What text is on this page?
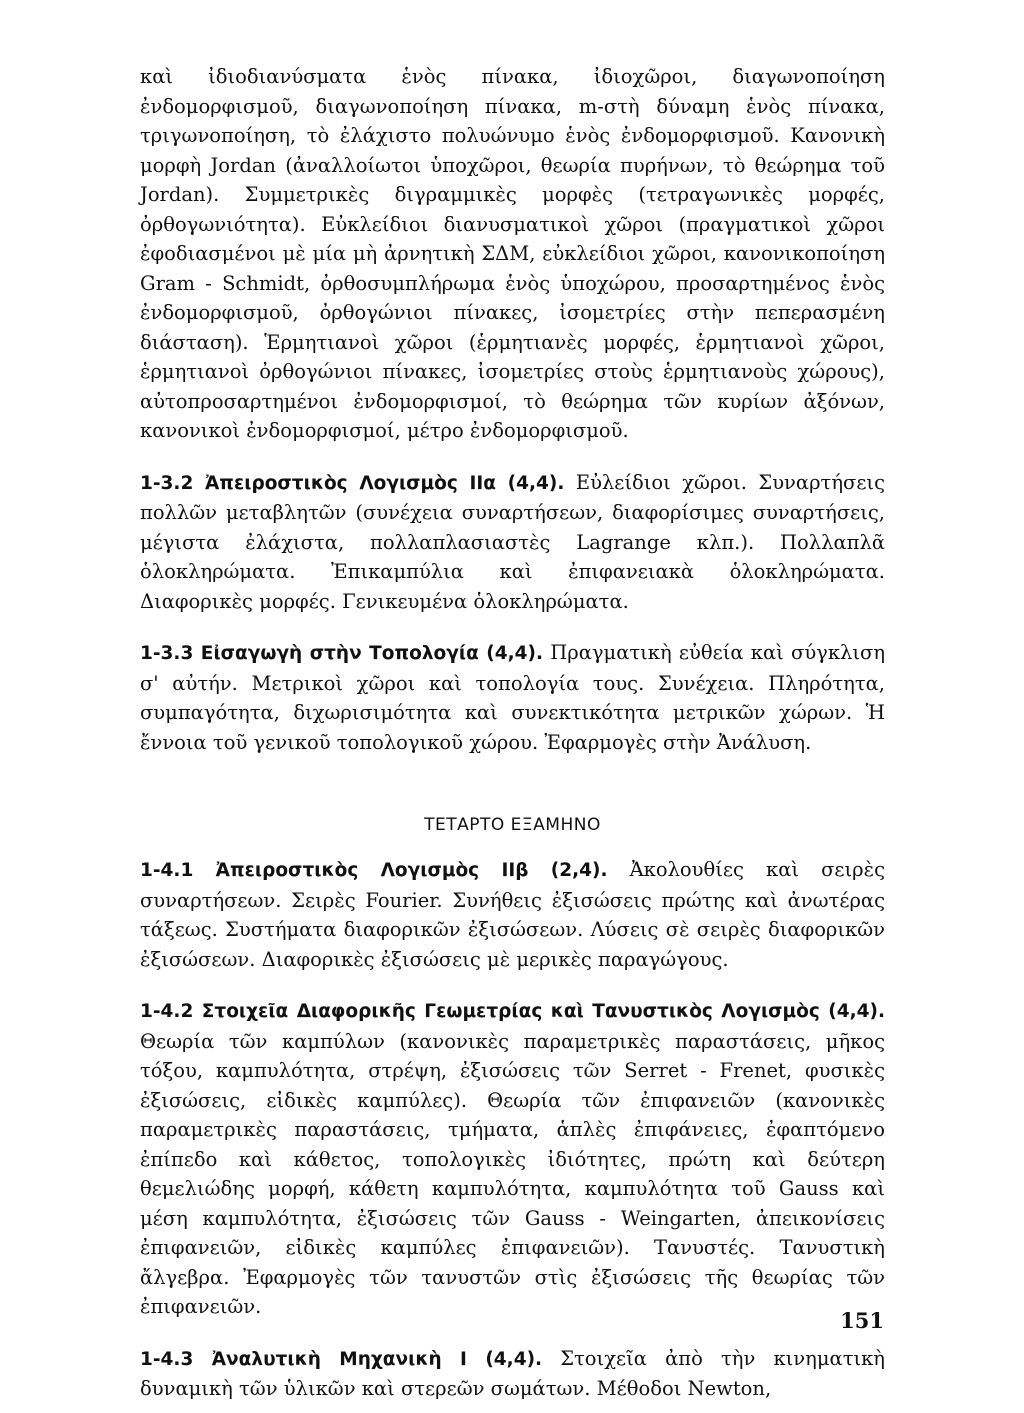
καὶ ἰδιοδιανύσματα ἑνὸς πίνακα, ἰδιοχῶροι, διαγωνοποίηση ἐνδομορφισμοῦ, διαγωνοποίηση πίνακα, m-στὴ δύναμη ἑνὸς πίνακα, τριγωνοποίηση, τὸ ἐλάχιστο πολυώνυμο ἑνὸς ἐνδομορφισμοῦ. Κανονικὴ μορφὴ Jordan (ἀναλλοίωτοι ὑποχῶροι, θεωρία πυρήνων, τὸ θεώρημα τοῦ Jordan). Συμμετρικὲς διγραμμικὲς μορφὲς (τετραγωνικὲς μορφές, ὀρθογωνιότητα). Εὐκλείδιοι διανυσματικοὶ χῶροι (πραγματικοὶ χῶροι ἐφοδιασμένοι μὲ μία μὴ ἀρνητικὴ ΣΔΜ, εὐκλείδιοι χῶροι, κανονικοποίηση Gram - Schmidt, ὀρθοσυμπλήρωμα ἑνὸς ὑποχώρου, προσαρτημένος ἑνὸς ἐνδομορφισμοῦ, ὀρθογώνιοι πίνακες, ἰσομετρίες στὴν πεπερασμένη διάσταση). Ἑρμητιανοὶ χῶροι (ἑρμητιανὲς μορφές, ἑρμητιανοὶ χῶροι, ἑρμητιανοὶ ὀρθογώνιοι πίνακες, ἰσομετρίες στοὺς ἑρμητιανοὺς χώρους), αὐτοπροσαρτημένοι ἐνδομορφισμοί, τὸ θεώρημα τῶν κυρίων ἀξόνων, κανονικοὶ ἐνδομορφισμοί, μέτρο ἐνδομορφισμοῦ.

1-3.2 Ἀπειροστικὸς Λογισμὸς ΙΙα (4,4). Εὐλείδιοι χῶροι. Συναρτήσεις πολλῶν μεταβλητῶν (συνέχεια συναρτήσεων, διαφορίσιμες συναρτήσεις, μέγιστα ἐλάχιστα, πολλαπλασιαστὲς Lagrange κλπ.). Πολλαπλᾶ ὁλοκληρώματα. Ἐπικαμπύλια καὶ ἐπιφανειακὰ ὁλοκληρώματα. Διαφορικὲς μορφές. Γενικευμένα ὁλοκληρώματα.

1-3.3 Εἰσαγωγὴ στὴν Τοπολογία (4,4). Πραγματικὴ εὐθεία καὶ σύγκλιση σ' αὐτήν. Μετρικοὶ χῶροι καὶ τοπολογία τους. Συνέχεια. Πληρότητα, συμπαγότητα, διχωρισιμότητα καὶ συνεκτικότητα μετρικῶν χώρων. Ἡ ἔννοια τοῦ γενικοῦ τοπολογικοῦ χώρου. Ἐφαρμογὲς στὴν Ἀνάλυση.

ΤΕΤΑΡΤΟ ΕΞΑΜΗΝΟ

1-4.1 Ἀπειροστικὸς Λογισμὸς ΙΙβ (2,4). Ἀκολουθίες καὶ σειρὲς συναρτήσεων. Σειρὲς Fourier. Συνήθεις ἐξισώσεις πρώτης καὶ ἀνωτέρας τάξεως. Συστήματα διαφορικῶν ἐξισώσεων. Λύσεις σὲ σειρὲς διαφορικῶν ἐξισώσεων. Διαφορικὲς ἐξισώσεις μὲ μερικὲς παραγώγους.

1-4.2 Στοιχεῖα Διαφορικῆς Γεωμετρίας καὶ Τανυστικὸς Λογισμὸς (4,4). Θεωρία τῶν καμπύλων (κανονικὲς παραμετρικὲς παραστάσεις, μῆκος τόξου, καμπυλότητα, στρέψη, ἐξισώσεις τῶν Serret - Frenet, φυσικὲς ἐξισώσεις, εἰδικὲς καμπύλες). Θεωρία τῶν ἐπιφανειῶν (κανονικὲς παραμετρικὲς παραστάσεις, τμήματα, ἁπλὲς ἐπιφάνειες, ἐφαπτόμενο ἐπίπεδο καὶ κάθετος, τοπολογικὲς ἰδιότητες, πρώτη καὶ δεύτερη θεμελιώδης μορφή, κάθετη καμπυλότητα, καμπυλότητα τοῦ Gauss καὶ μέση καμπυλότητα, ἐξισώσεις τῶν Gauss - Weingarten, ἀπεικονίσεις ἐπιφανειῶν, εἰδικὲς καμπύλες ἐπιφανειῶν). Τανυστές. Τανυστικὴ ἄλγεβρα. Ἐφαρμογὲς τῶν τανυστῶν στὶς ἐξισώσεις τῆς θεωρίας τῶν ἐπιφανειῶν.

1-4.3 Ἀναλυτικὴ Μηχανικὴ Ι (4,4). Στοιχεῖα ἀπὸ τὴν κινηματικὴ δυναμικὴ τῶν ὑλικῶν καὶ στερεῶν σωμάτων. Μέθοδοι Newton,

151
